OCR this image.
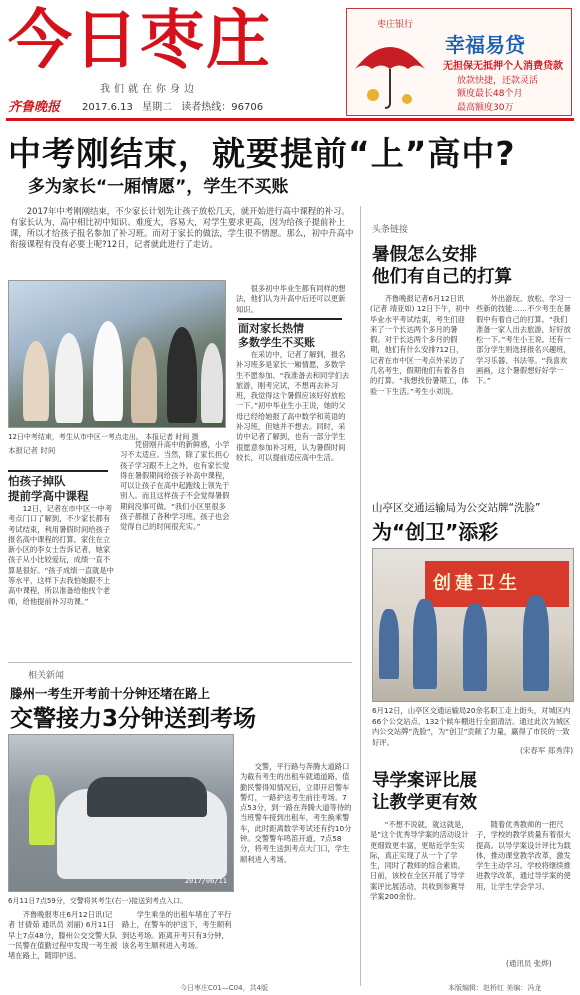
今日枣庄
我们就在你身边
齐鲁晚报 2017.6.13 星期二 读者热线：96706
枣庄银行
幸福易贷
无担保无抵押个人消费贷款
放款快捷，还款灵活
额度最长48个月
最高额度30万
中考刚结束，就要提前“上”高中?
多为家长“一厢情愿”，学生不买账
2017年中考刚刚结束，不少家长计划先让孩子放松几天，就开始进行高中课程的补习。有家长认为，高中相比初中知识、难度大，容易大，对学生要求更高，因为给孩子提前补上课，所以才给孩子报名参加了补习班。而对于家长的做法，学生很不情愿。那么，初中升高中衔接课程有没有必要上呢?12日，记者就此进行了走访。
12日中考结束，考生从市中区一考点走出。 本报记者 时间 摄
本报记者 时间
怕孩子掉队
提前学高中课程
12日，记者在市中区一中考考点门口了解到，不少家长都有考试结束，利用暑假时间给孩子报名高中课程的打算。家住在立新小区的李女士告诉记者，她家孩子从小比较爱玩，成绩一直不算是很好。“孩子成绩一直就是中等水平，这样下去我怕她跟不上高中课程，所以准备给他找个老师，给他提前补习功课。”
凭借刚升高中的新鲜感，小学习不太适应。当然，除了家长担心孩子学习跟不上之外，也有家长觉得在暑假期间给孩子补高中课程，可以让孩子在高中起跑线上领先于别人。而且这样孩子不会觉得暑假期间没事可做。“我们小区里很多孩子都报了各种学习班，孩子也会觉得自己的时间很充实。”
很多初中毕业生都有同样的想法，他们认为升高中后还可以更新知识。
面对家长热情
多数学生不买账
在采访中，记者了解到，报名补习班多是家长一厢情愿，多数学生不愿参加。“我准备去和同学们去旅游，刚考完试，不想再去补习班，我觉得这个暑假应该好好放松一下。”初中毕业生小王说，她的父母已经给她报了高中数学和英语的补习班，但她并不想去。同时，采访中记者了解到，也有一部分学生很愿意参加补习班，认为暑假时间较长，可以提前适应高中生活。
头条链接
暑假怎么安排
他们有自己的打算
齐鲁晚报记者6月12日讯(记者 靖亚如) 12日下午，初中毕业水平考试结束，考生们迎来了一个长达两个多月的暑假。对于长达两个多月的假期，他们有什么安排?12日，记者在市中区一考点外采访了几名考生，假期他们有着各自的打算。“我想找份暑期工，体验一下生活。”考生小刘说。
外出游玩、放松、学习一些新的技能……不少考生在暑假中有着自己的打算。“我们准备一家人出去旅游，好好放松一下。”考生小王说。还有一部分学生则选择报名兴趣班，学习乐器、书法等。“我喜欢画画，这个暑假想好好学一下。”
山亭区交通运输局为公交站牌“洗脸”
为“创卫”添彩
创建卫生
6月12日，山亭区交通运输局20余名职工走上街头，对城区内66个公交站点、132个候车棚进行全面清洁。通过此次为城区内公交站牌“洗脸”，为“创卫”贡献了力量，赢得了市民的一致好评。
(宋春军 郑秀萍)
导学案评比展
让教学更有效
“不想不说就，就这就是，是”这个优秀导学案的活动设计更细致更丰富，更贴近学生实际，真正实现了从一个了学生，同时了教师的综合素质。日前，该校在全区开展了导学案评比展活动，共收到参赛导学案200余份。
随着优秀教师的一把尺子，学校的教学质量有着很大提高。以导学案设计评比为载体，推动课堂教学改革，激发学生主动学习。学校将继续推进教学改革，通过导学案的使用，让学生学会学习。
(通讯员 张烨)
相关新闻
滕州一考生开考前十分钟还堵在路上
交警接力3分钟送到考场
2017/06/11
6月11日7点59分，交警将其考生(右一)接送到考点入口。
齐鲁晚报枣庄6月12日讯(记者 甘倩茹 通讯员 刘丽) 6月11日早上7点48分，滕州公交交警大队一民警在值勤过程中发现一考生被堵在路上，随即护送。
学生乘坐的出租车堵在了平行路上，在警车的护送下，考生顺利到达考场。距离开考只有3分钟，该名考生顺利进入考场。
交警，平行路与奔腾大道路口为截有考生的出租车就通道路，值勤民警得知情况后，立即开启警车警灯，一路护送考生前往考场。7点53分，到一路在奔腾大道等待的当班警车接到出租车，考生换乘警车，此时距离数学考试还有约10分钟。交警警车鸣笛开道，7点58分，将考生送到考点大门口，学生顺利进入考场。
今日枣庄C01—C04，共4版	本版编辑：赵桥红 美编：冯龙
